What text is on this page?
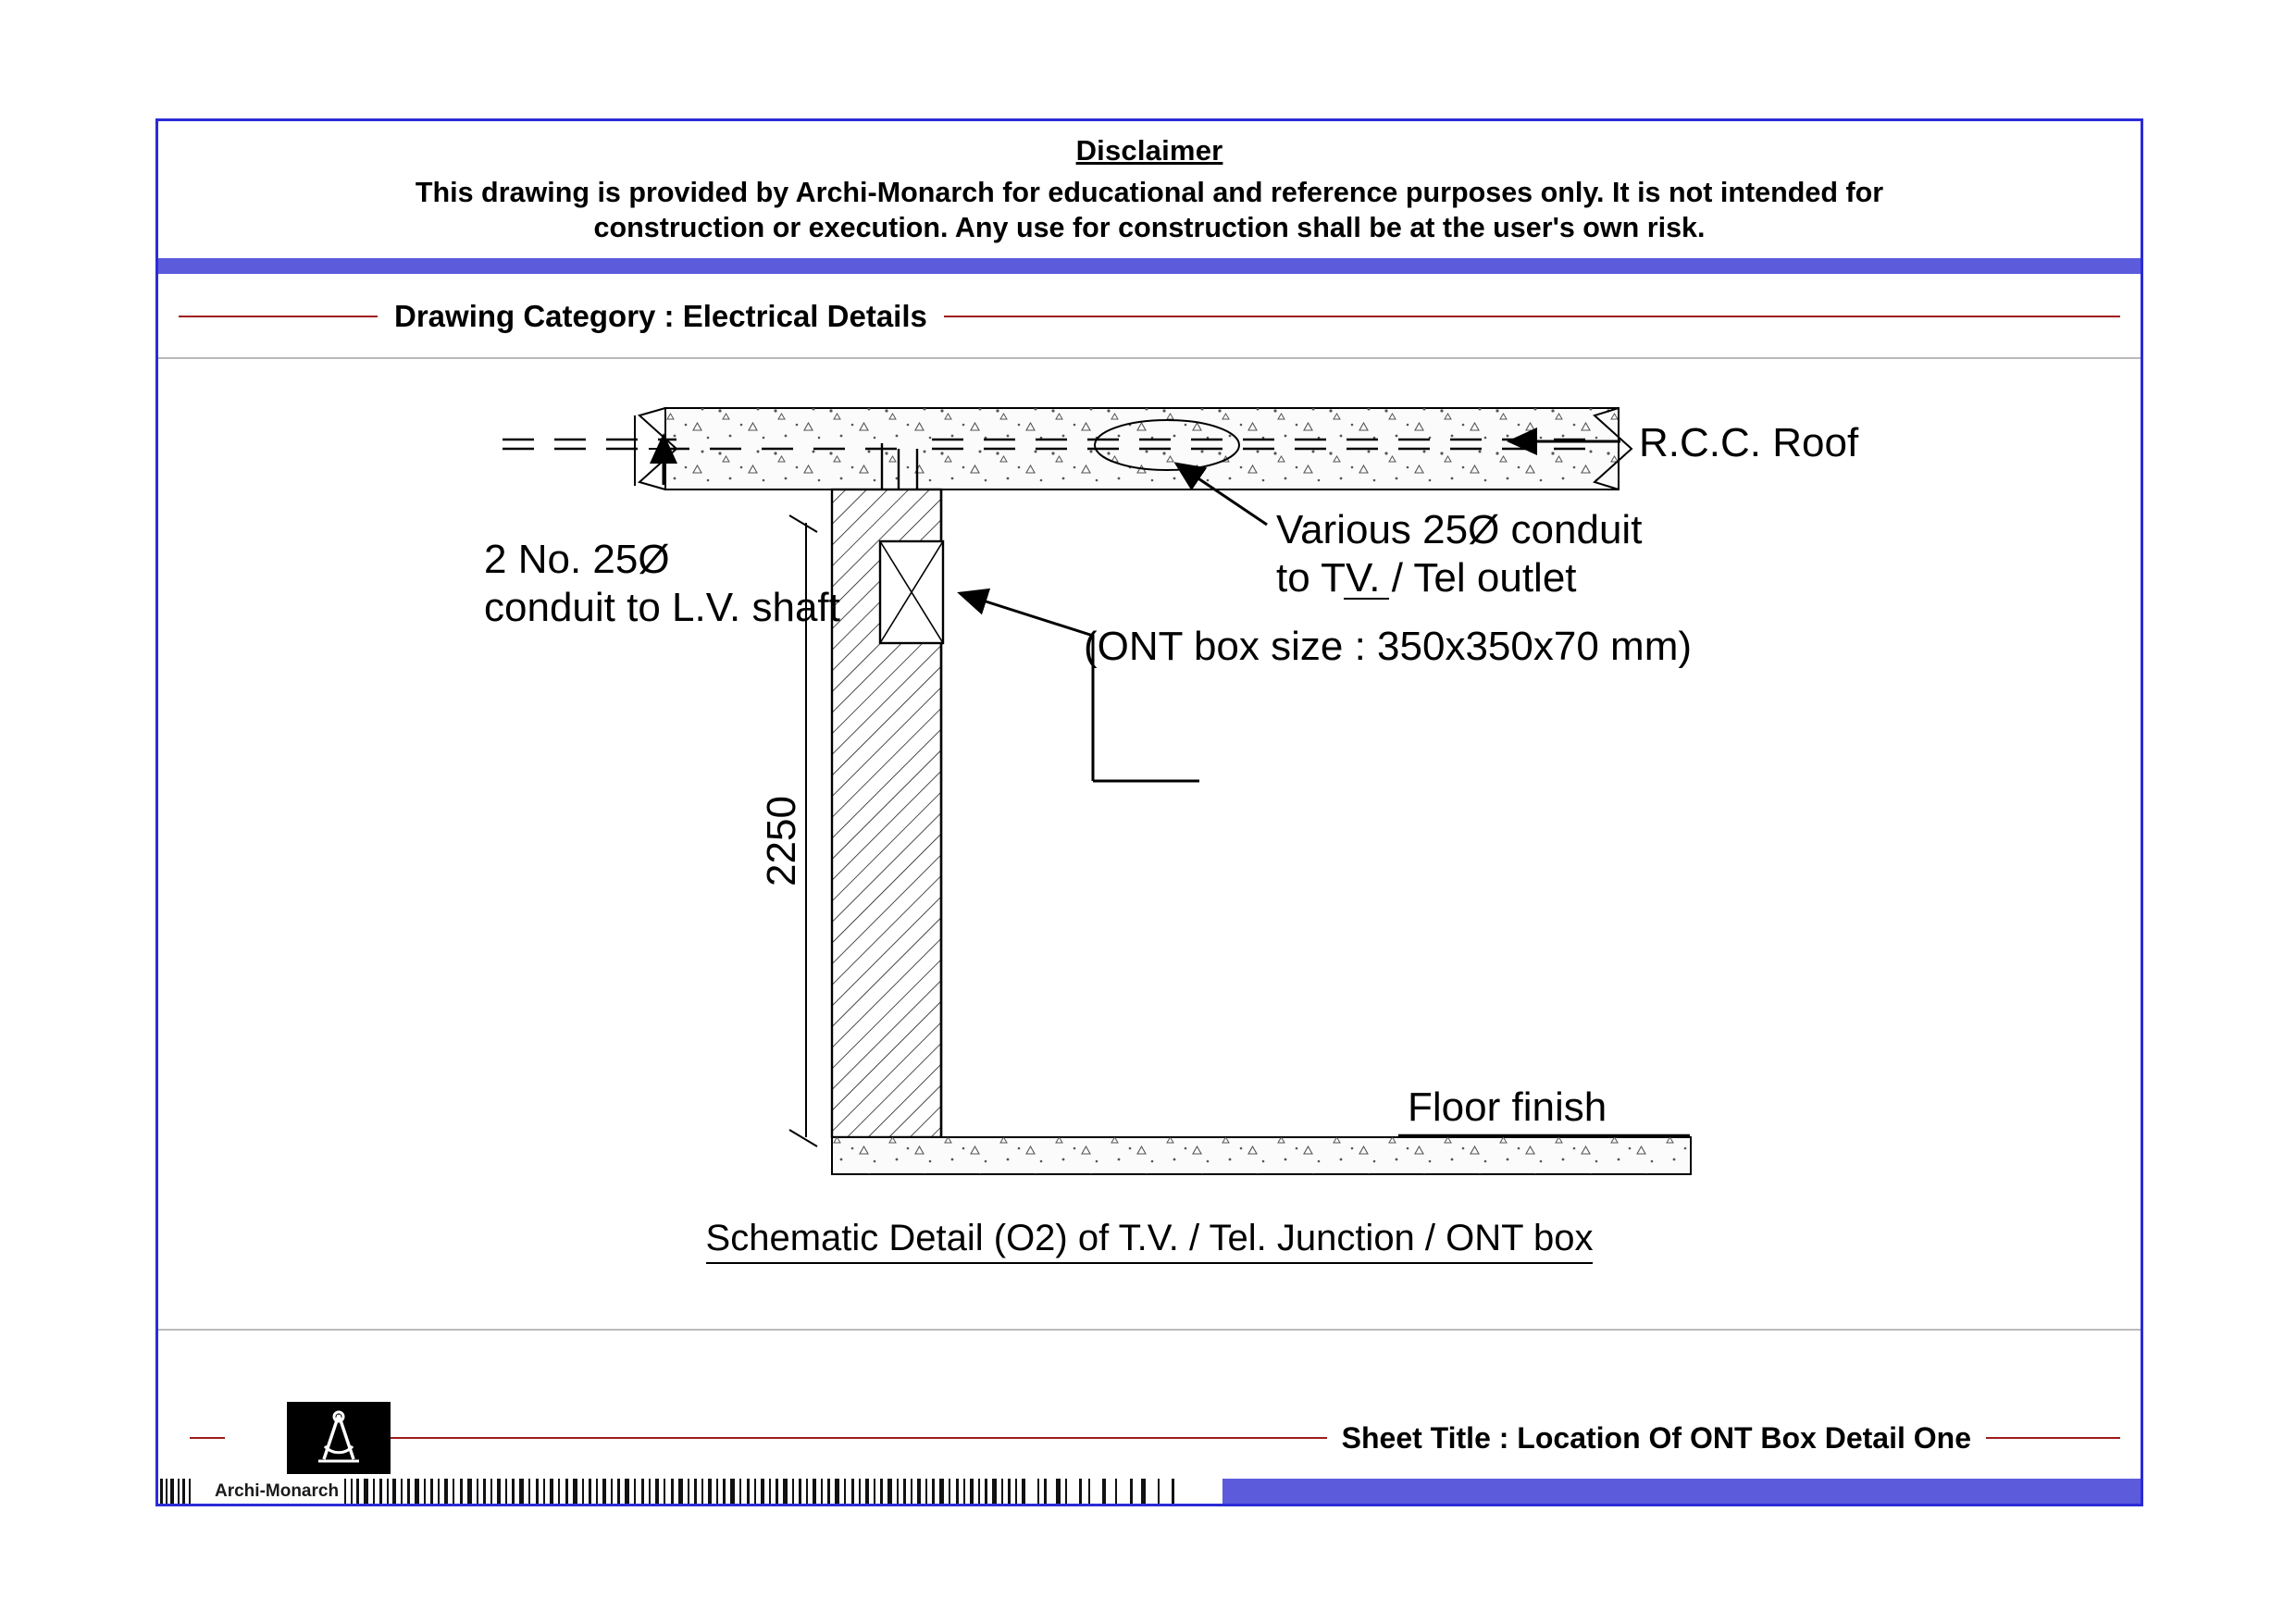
Disclaimer
This drawing is provided by Archi-Monarch for educational and reference purposes only. It is not intended for
construction or execution. Any use for construction shall be at the user's own risk.
Drawing Category : Electrical Details
2250
R.C.C. Roof
Various 25Ø conduit
to TV. / Tel outlet
2 No. 25Ø
conduit to L.V. shaft
(ONT box size : 350x350x70 mm)
Floor finish
Schematic Detail (O2) of T.V. / Tel. Junction / ONT box
Sheet Title : Location Of ONT Box Detail One
Archi-Monarch
